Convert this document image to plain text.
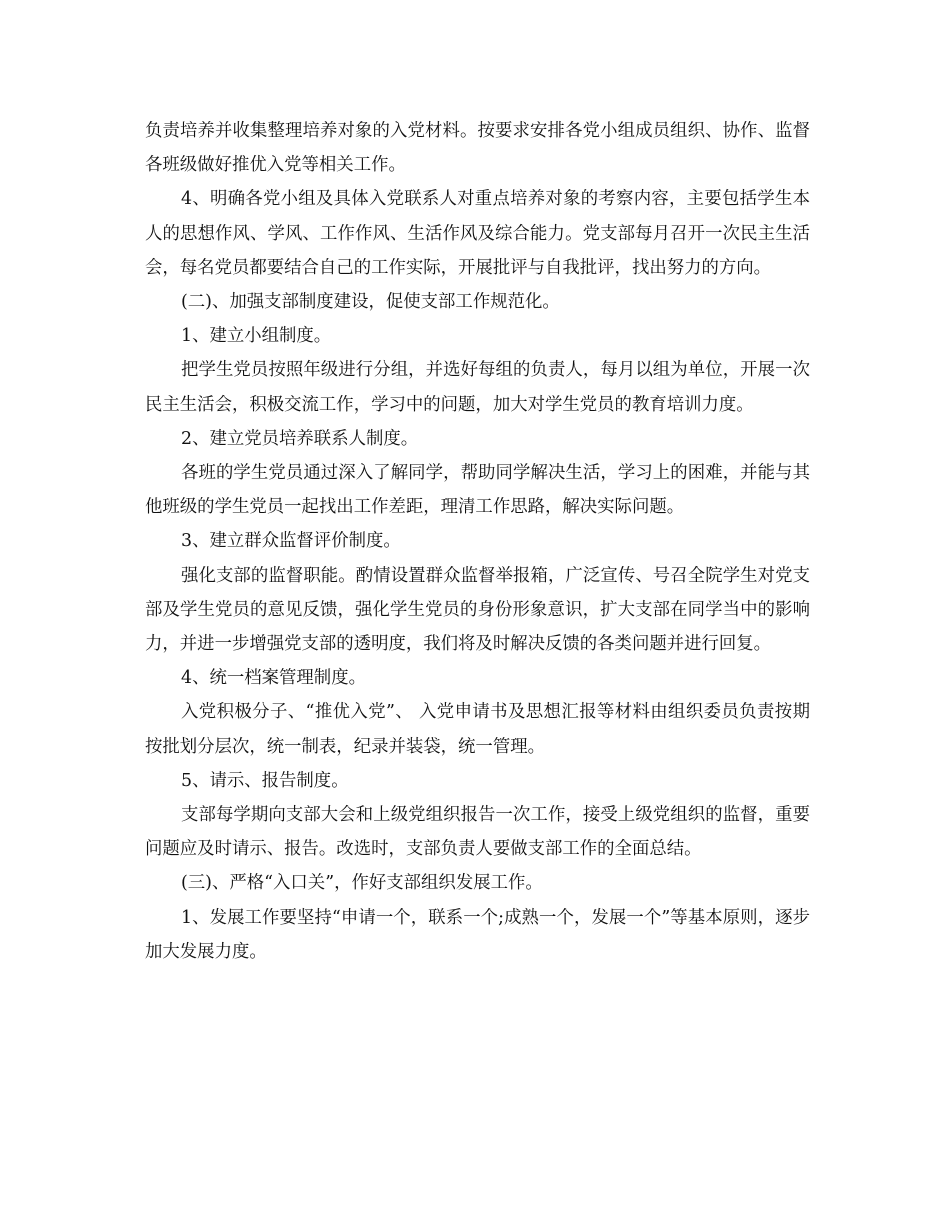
负责培养并收集整理培养对象的入党材料。按要求安排各党小组成员组织、协作、监督各班级做好推优入党等相关工作。

4、明确各党小组及具体入党联系人对重点培养对象的考察内容，主要包括学生本人的思想作风、学风、工作作风、生活作风及综合能力。党支部每月召开一次民主生活会，每名党员都要结合自己的工作实际，开展批评与自我批评，找出努力的方向。

(二)、加强支部制度建设，促使支部工作规范化。

1、建立小组制度。

把学生党员按照年级进行分组，并选好每组的负责人，每月以组为单位，开展一次民主生活会，积极交流工作，学习中的问题，加大对学生党员的教育培训力度。

2、建立党员培养联系人制度。

各班的学生党员通过深入了解同学，帮助同学解决生活，学习上的困难，并能与其他班级的学生党员一起找出工作差距，理清工作思路，解决实际问题。

3、建立群众监督评价制度。

强化支部的监督职能。酌情设置群众监督举报箱，广泛宣传、号召全院学生对党支部及学生党员的意见反馈，强化学生党员的身份形象意识，扩大支部在同学当中的影响力，并进一步增强党支部的透明度，我们将及时解决反馈的各类问题并进行回复。

4、统一档案管理制度。

入党积极分子、“推优入党”、 入党申请书及思想汇报等材料由组织委员负责按期按批划分层次，统一制表，纪录并装袋，统一管理。

5、请示、报告制度。

支部每学期向支部大会和上级党组织报告一次工作，接受上级党组织的监督，重要问题应及时请示、报告。改选时，支部负责人要做支部工作的全面总结。

(三)、严格“入口关”，作好支部组织发展工作。

1、发展工作要坚持“申请一个，联系一个;成熟一个，发展一个”等基本原则，逐步加大发展力度。
